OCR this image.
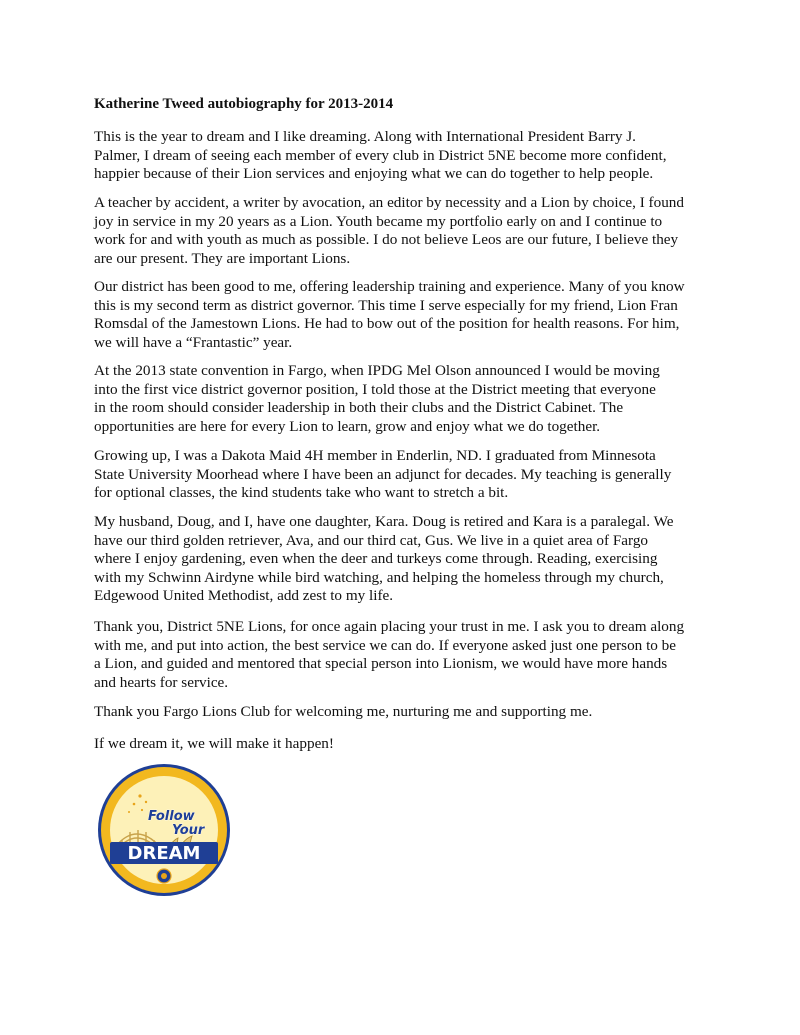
Katherine Tweed autobiography for 2013-2014

This is the year to dream and I like dreaming. Along with International President Barry J.
Palmer, I dream of seeing each member of every club in District 5NE become more confident,
happier because of their Lion services and enjoying what we can do together to help people.

A teacher by accident, a writer by avocation, an editor by necessity and a Lion by choice, I found
joy in service in my 20 years as a Lion. Youth became my portfolio early on and I continue to
work for and with youth as much as possible. I do not believe Leos are our future, I believe they
are our present. They are important Lions.

Our district has been good to me, offering leadership training and experience. Many of you know
this is my second term as district governor. This time I serve especially for my friend, Lion Fran
Romsdal of the Jamestown Lions. He had to bow out of the position for health reasons. For him,
we will have a “Frantastic” year.

At the 2013 state convention in Fargo, when IPDG Mel Olson announced I would be moving
into the first vice district governor position, I told those at the District meeting that everyone
in the room should consider leadership in both their clubs and the District Cabinet. The
opportunities are here for every Lion to learn, grow and enjoy what we do together.

Growing up, I was a Dakota Maid 4H member in Enderlin, ND. I graduated from Minnesota
State University Moorhead where I have been an adjunct for decades. My teaching is generally
for optional classes, the kind students take who want to stretch a bit.

My husband, Doug, and I, have one daughter, Kara. Doug is retired and Kara is a paralegal. We
have our third golden retriever, Ava, and our third cat, Gus. We live in a quiet area of Fargo
where I enjoy gardening, even when the deer and turkeys come through. Reading, exercising
with my Schwinn Airdyne while bird watching, and helping the homeless through my church,
Edgewood United Methodist, add zest to my life.

Thank you, District 5NE Lions, for once again placing your trust in me. I ask you to dream along
with me, and put into action, the best service we can do. If everyone asked just one person to be
a Lion, and guided and mentored that special person into Lionism, we would have more hands
and hearts for service.

Thank you Fargo Lions Club for welcoming me, nurturing me and supporting me.

If we dream it, we will make it happen!

Follow
Your
DREAM
